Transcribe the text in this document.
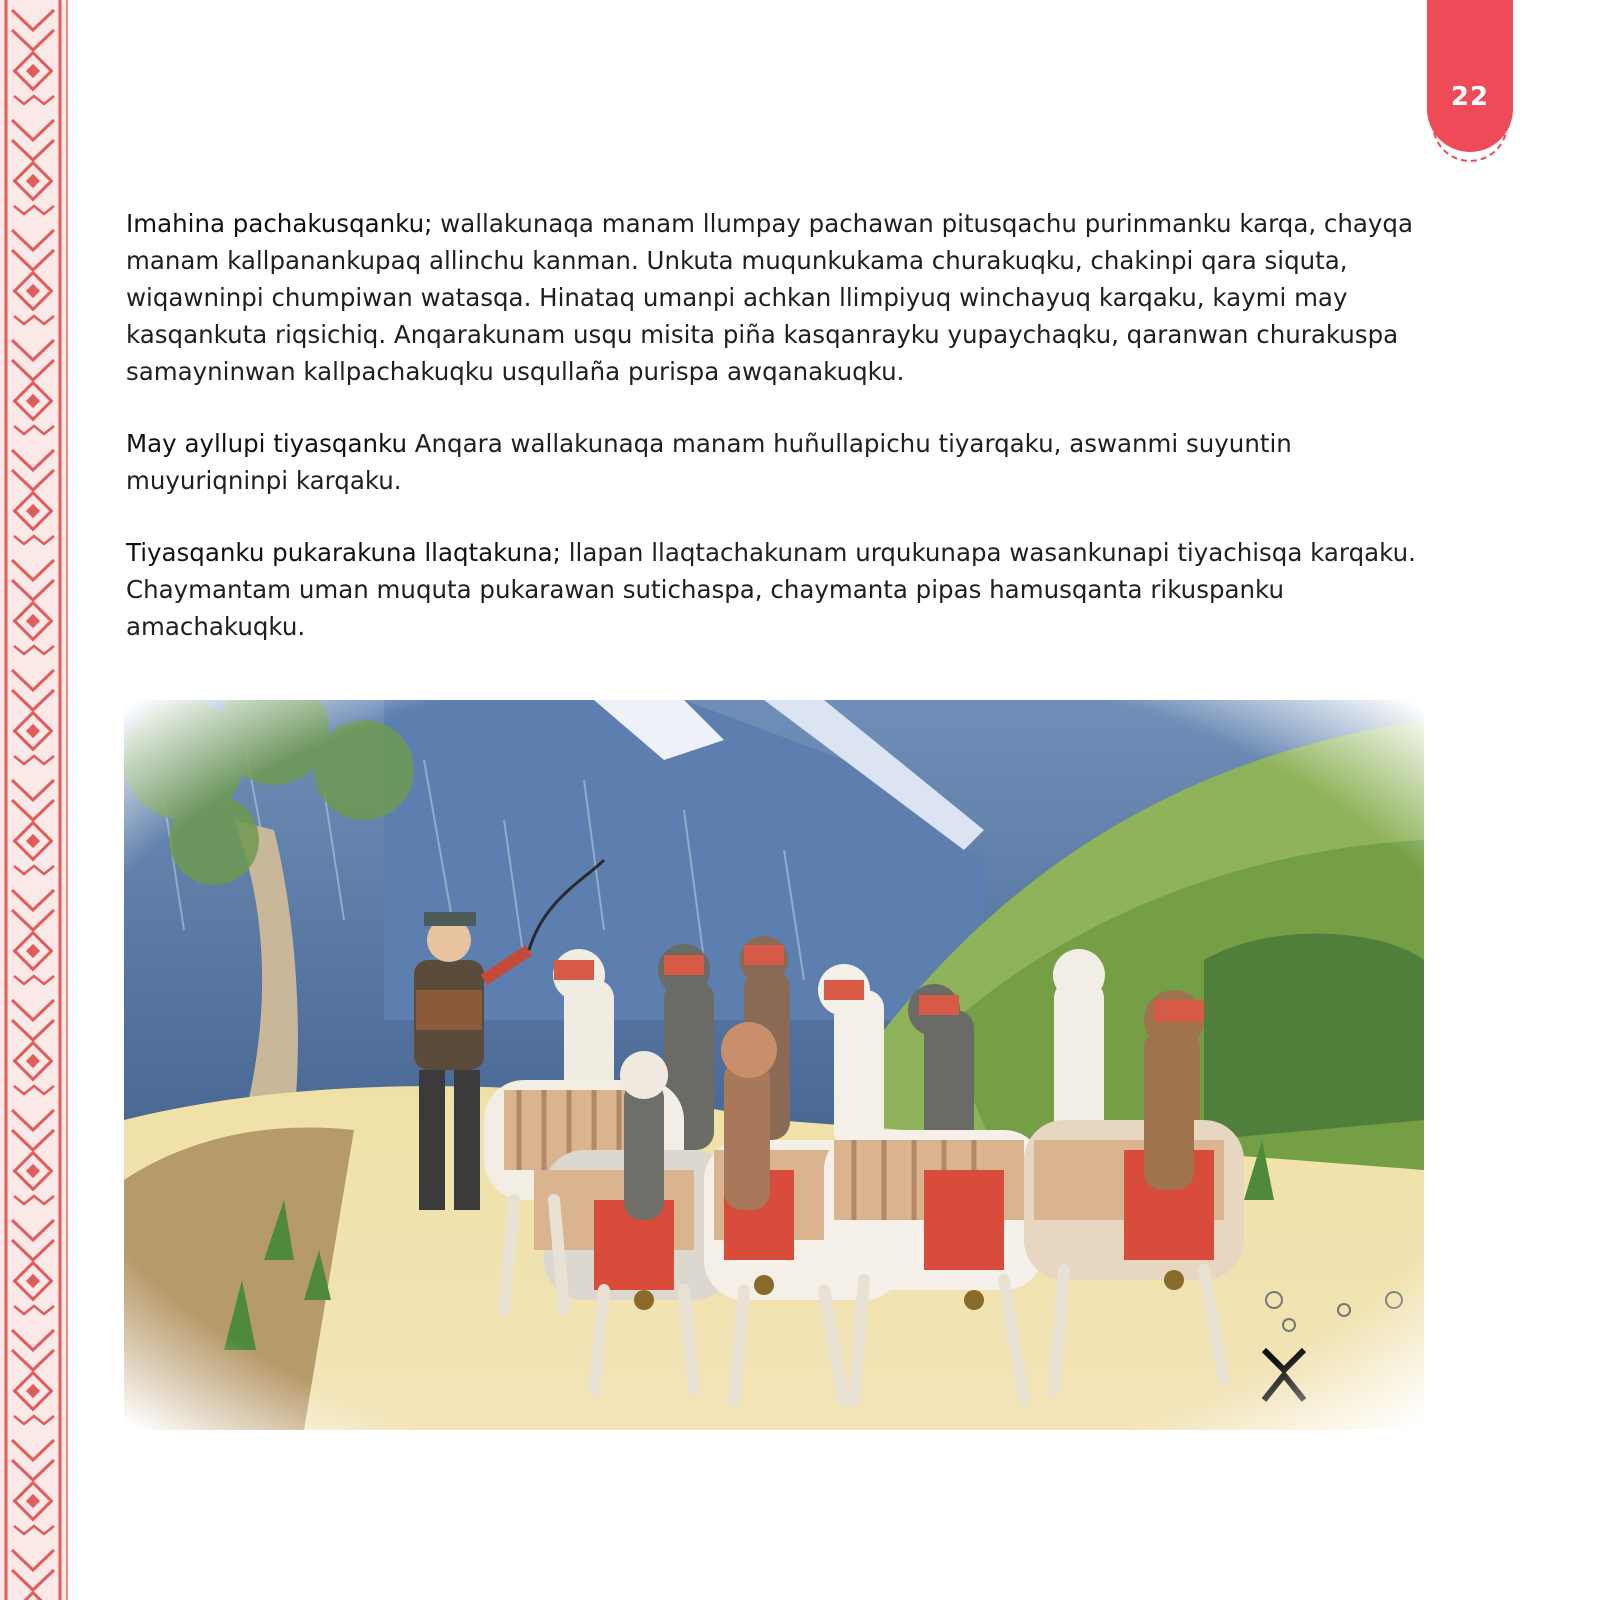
22

Imahina pachakusqanku; wallakunaqa manam llumpay pachawan pitusqachu purinmanku karqa, chayqa manam kallpanankupaq allinchu kanman. Unkuta muqunkukama churakuqku, chakinpi qara siquta, wiqawninpi chumpiwan watasqa. Hinataq umanpi achkan llimpiyuq winchayuq karqaku, kaymi may kasqankuta riqsichiq. Anqarakunam usqu misita piña kasqanrayku yupaychaqku, qaranwan churakuspa samayninwan kallpachakuqku usqullaña purispa awqanakuqku.

May ayllupi tiyasqanku Anqara wallakunaqa manam huñullapichu tiyarqaku, aswanmi suyuntin muyuriqninpi karqaku.

Tiyasqanku pukarakuna llaqtakuna; llapan llaqtachakunam urqukunapa wasankunapi tiyachisqa karqaku. Chaymantam uman muquta pukarawan sutichaspa, chaymanta pipas hamusqanta rikuspanku amachakuqku.
